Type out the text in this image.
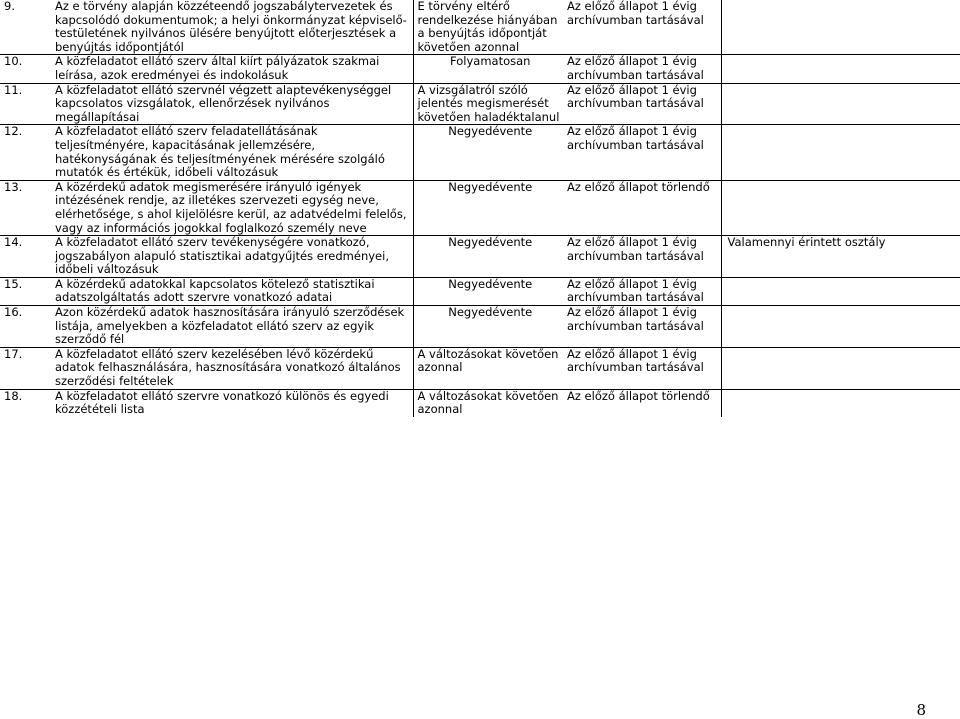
9.	Az e törvény alapján közzéteendő jogszabálytervezetek és kapcsolódó dokumentumok; a helyi önkormányzat képviselő-testületének nyilvános ülésére benyújtott előterjesztések a benyújtás időpontjától	E törvény eltérő rendelkezése hiányában a benyújtás időpontját követően azonnal	Az előző állapot 1 évig archívumban tartásával	
10.	A közfeladatot ellátó szerv által kiírt pályázatok szakmai leírása, azok eredményei és indokolásuk	Folyamatosan	Az előző állapot 1 évig archívumban tartásával	
11.	A közfeladatot ellátó szervnél végzett alaptevékenységgel kapcsolatos vizsgálatok, ellenőrzések nyilvános megállapításai	A vizsgálatról szóló jelentés megismerését követően haladéktalanul	Az előző állapot 1 évig archívumban tartásával	
12.	A közfeladatot ellátó szerv feladatellátásának teljesítményére, kapacitásának jellemzésére, hatékonyságának és teljesítményének mérésére szolgáló mutatók és értékük, időbeli változásuk	Negyedévente	Az előző állapot 1 évig archívumban tartásával	
13.	A közérdekű adatok megismerésére irányuló igények intézésének rendje, az illetékes szervezeti egység neve, elérhetősége, s ahol kijelölésre kerül, az adatvédelmi felelős, vagy az információs jogokkal foglalkozó személy neve	Negyedévente	Az előző állapot törlendő	
14.	A közfeladatot ellátó szerv tevékenységére vonatkozó, jogszabályon alapuló statisztikai adatgyűjtés eredményei, időbeli változásuk	Negyedévente	Az előző állapot 1 évig archívumban tartásával	Valamennyi érintett osztály
15.	A közérdekű adatokkal kapcsolatos kötelező statisztikai adatszolgáltatás adott szervre vonatkozó adatai	Negyedévente	Az előző állapot 1 évig archívumban tartásával	
16.	Azon közérdekű adatok hasznosítására irányuló szerződések listája, amelyekben a közfeladatot ellátó szerv az egyik szerződő fél	Negyedévente	Az előző állapot 1 évig archívumban tartásával	
17.	A közfeladatot ellátó szerv kezelésében lévő közérdekű adatok felhasználására, hasznosítására vonatkozó általános szerződési feltételek	A változásokat követően azonnal	Az előző állapot 1 évig archívumban tartásával	
18.	A közfeladatot ellátó szervre vonatkozó különös és egyedi közzétételi lista	A változásokat követően azonnal	Az előző állapot törlendő	
8
